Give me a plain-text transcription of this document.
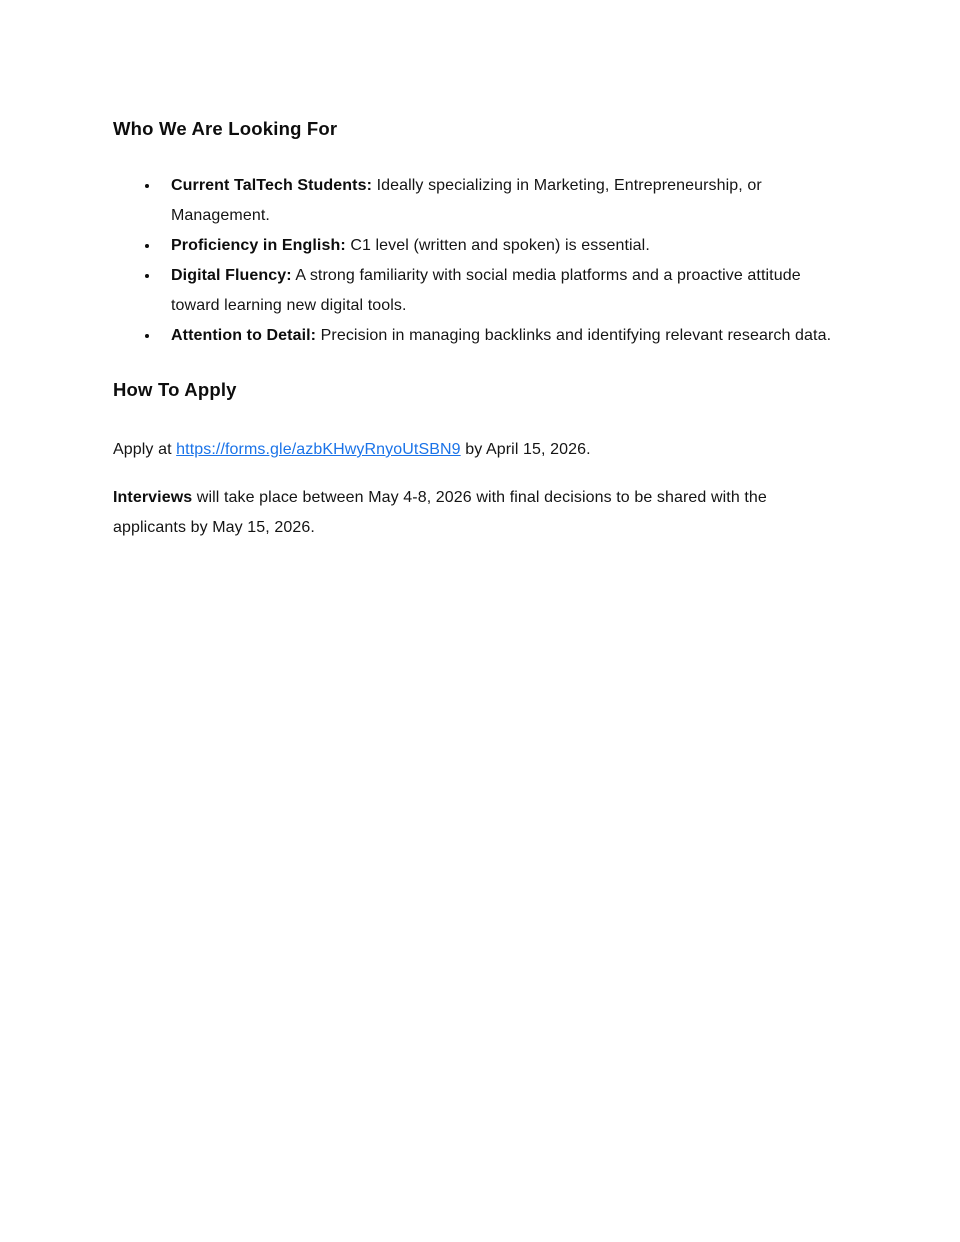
Who We Are Looking For
• Current TalTech Students: Ideally specializing in Marketing, Entrepreneurship, or Management.
• Proficiency in English: C1 level (written and spoken) is essential.
• Digital Fluency: A strong familiarity with social media platforms and a proactive attitude toward learning new digital tools.
• Attention to Detail: Precision in managing backlinks and identifying relevant research data.
How To Apply

Apply at https://forms.gle/azbKHwyRnyoUtSBN9 by April 15, 2026.

Interviews will take place between May 4-8, 2026 with final decisions to be shared with the applicants by May 15, 2026.
